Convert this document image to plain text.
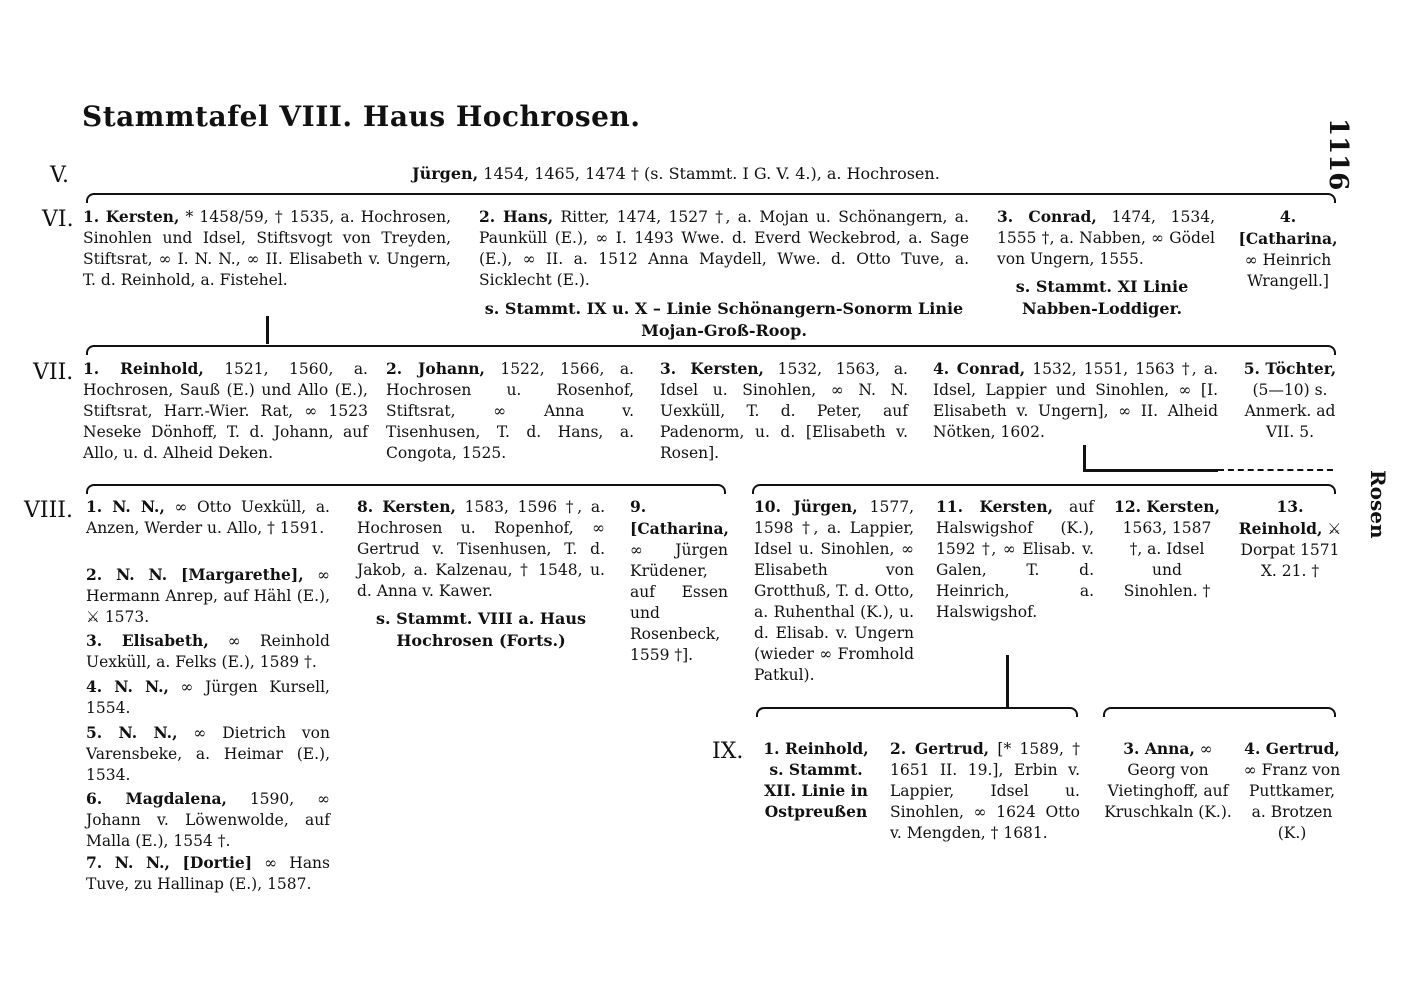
Stammtafel VIII. Haus Hochrosen.
1116
Rosen
V.
VI.
VII.
VIII.
IX.
Jürgen, 1454, 1465, 1474 † (s. Stammt. I G. V. 4.), a. Hochrosen.
1. Kersten, * 1458/59, † 1535, a. Hochrosen, Sinohlen und Idsel, Stiftsvogt von Treyden, Stiftsrat, ∞ I. N. N., ∞ II. Elisabeth v. Ungern, T. d. Reinhold, a. Fistehel.
2. Hans, Ritter, 1474, 1527 †, a. Mojan u. Schönangern, a. Paunküll (E.), ∞ I. 1493 Wwe. d. Everd Weckebrod, a. Sage (E.), ∞ II. a. 1512 Anna Maydell, Wwe. d. Otto Tuve, a. Sicklecht (E.).
s. Stammt. IX u. X – Linie Schönangern-Sonorm Linie Mojan-Groß-Roop.
3. Conrad, 1474, 1534, 1555 †, a. Nabben, ∞ Gödel von Ungern, 1555.
s. Stammt. XI Linie Nabben-Loddiger.
4. [Catharina, ∞ Heinrich Wrangell.]
1. Reinhold, 1521, 1560, a. Hochrosen, Sauß (E.) und Allo (E.), Stiftsrat, Harr.-Wier. Rat, ∞ 1523 Neseke Dönhoff, T. d. Johann, auf Allo, u. d. Alheid Deken.
2. Johann, 1522, 1566, a. Hochrosen u. Rosenhof, Stiftsrat, ∞ Anna v. Tisenhusen, T. d. Hans, a. Congota, 1525.
3. Kersten, 1532, 1563, a. Idsel u. Sinohlen, ∞ N. N. Uexküll, T. d. Peter, auf Padenorm, u. d. [Elisabeth v. Rosen].
4. Conrad, 1532, 1551, 1563 †, a. Idsel, Lappier und Sinohlen, ∞ [I. Elisabeth v. Ungern], ∞ II. Alheid Nötken, 1602.
5. Töchter, (5—10) s. Anmerk. ad VII. 5.
1. N. N., ∞ Otto Uexküll, a. Anzen, Werder u. Allo, † 1591.
2. N. N. [Margarethe], ∞ Hermann Anrep, auf Hähl (E.), ⚔ 1573.
3. Elisabeth, ∞ Reinhold Uexküll, a. Felks (E.), 1589 †.
4. N. N., ∞ Jürgen Kursell, 1554.
5. N. N., ∞ Dietrich von Varensbeke, a. Heimar (E.), 1534.
6. Magdalena, 1590, ∞ Johann v. Löwenwolde, auf Malla (E.), 1554 †.
7. N. N., [Dortie] ∞ Hans Tuve, zu Hallinap (E.), 1587.
8. Kersten, 1583, 1596 †, a. Hochrosen u. Ropenhof, ∞ Gertrud v. Tisenhusen, T. d. Jakob, a. Kalzenau, † 1548, u. d. Anna v. Kawer.
s. Stammt. VIII a. Haus Hochrosen (Forts.)
9. [Catharina, ∞ Jürgen Krüdener, auf Essen und Rosenbeck, 1559 †].
10. Jürgen, 1577, 1598 †, a. Lappier, Idsel u. Sinohlen, ∞ Elisabeth von Grotthuß, T. d. Otto, a. Ruhenthal (K.), u. d. Elisab. v. Ungern (wieder ∞ Fromhold Patkul).
11. Kersten, auf Halswigshof (K.), 1592 †, ∞ Elisab. v. Galen, T. d. Heinrich, a. Halswigshof.
12. Kersten, 1563, 1587 †, a. Idsel und Sinohlen. †
13. Reinhold, ⚔ Dorpat 1571 X. 21. †
1. Reinhold, s. Stammt. XII. Linie in Ostpreußen
2. Gertrud, [* 1589, † 1651 II. 19.], Erbin v. Lappier, Idsel u. Sinohlen, ∞ 1624 Otto v. Mengden, † 1681.
3. Anna, ∞ Georg von Vietinghoff, auf Kruschkaln (K.).
4. Gertrud, ∞ Franz von Puttkamer, a. Brotzen (K.)
